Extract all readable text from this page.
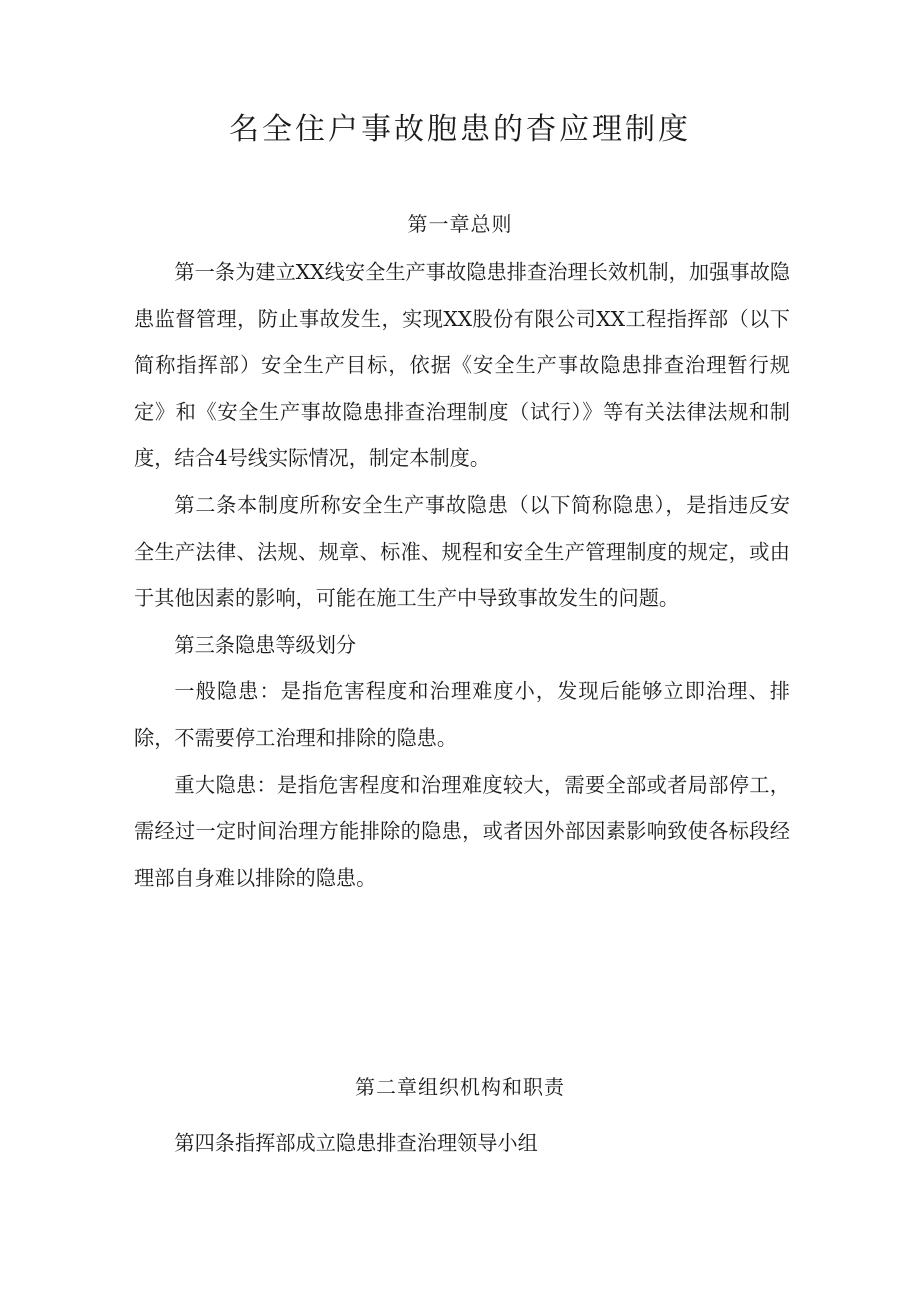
名全住户事故胞患的杳应理制度
第一章总则

第一条为建立XX线安全生产事故隐患排查治理长效机制，加强事故隐患监督管理，防止事故发生，实现XX股份有限公司XX工程指挥部（以下简称指挥部）安全生产目标，依据《安全生产事故隐患排查治理暂行规定》和《安全生产事故隐患排查治理制度（试行）》等有关法律法规和制度，结合4号线实际情况，制定本制度。

第二条本制度所称安全生产事故隐患（以下简称隐患），是指违反安全生产法律、法规、规章、标准、规程和安全生产管理制度的规定，或由于其他因素的影响，可能在施工生产中导致事故发生的问题。

第三条隐患等级划分

一般隐患：是指危害程度和治理难度小，发现后能够立即治理、排除，不需要停工治理和排除的隐患。

重大隐患：是指危害程度和治理难度较大，需要全部或者局部停工，需经过一定时间治理方能排除的隐患，或者因外部因素影响致使各标段经理部自身难以排除的隐患。

第二章组织机构和职责

第四条指挥部成立隐患排查治理领导小组
